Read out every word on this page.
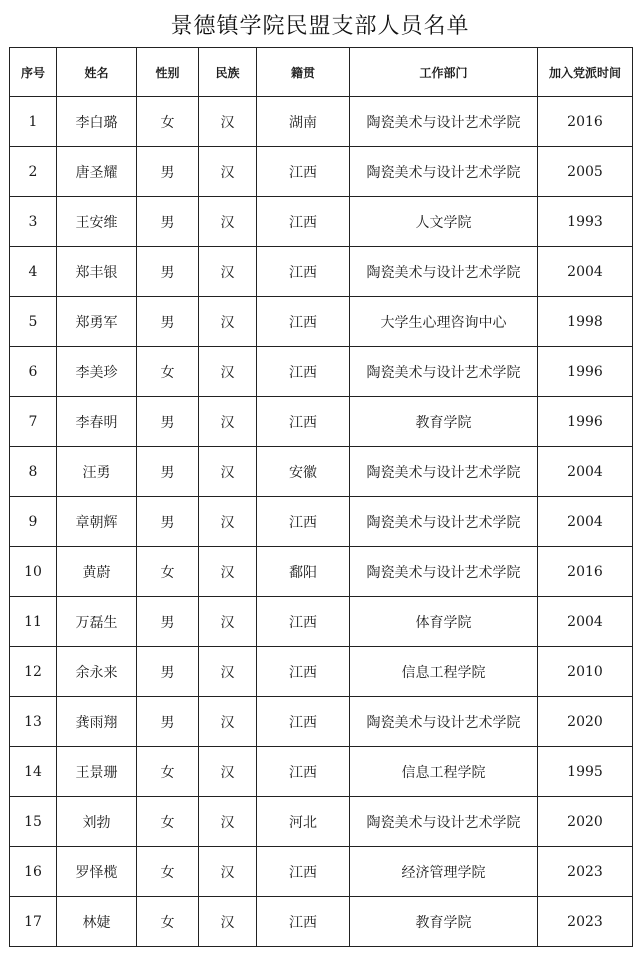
景德镇学院民盟支部人员名单
序号	姓名	性别	民族	籍贯	工作部门	加入党派时间
1	李白璐	女	汉	湖南	陶瓷美术与设计艺术学院	2016
2	唐圣耀	男	汉	江西	陶瓷美术与设计艺术学院	2005
3	王安维	男	汉	江西	人文学院	1993
4	郑丰银	男	汉	江西	陶瓷美术与设计艺术学院	2004
5	郑勇军	男	汉	江西	大学生心理咨询中心	1998
6	李美珍	女	汉	江西	陶瓷美术与设计艺术学院	1996
7	李春明	男	汉	江西	教育学院	1996
8	汪勇	男	汉	安徽	陶瓷美术与设计艺术学院	2004
9	章朝辉	男	汉	江西	陶瓷美术与设计艺术学院	2004
10	黄蔚	女	汉	鄱阳	陶瓷美术与设计艺术学院	2016
11	万磊生	男	汉	江西	体育学院	2004
12	余永来	男	汉	江西	信息工程学院	2010
13	龚雨翔	男	汉	江西	陶瓷美术与设计艺术学院	2020
14	王景珊	女	汉	江西	信息工程学院	1995
15	刘勃	女	汉	河北	陶瓷美术与设计艺术学院	2020
16	罗怿榄	女	汉	江西	经济管理学院	2023
17	林婕	女	汉	江西	教育学院	2023
